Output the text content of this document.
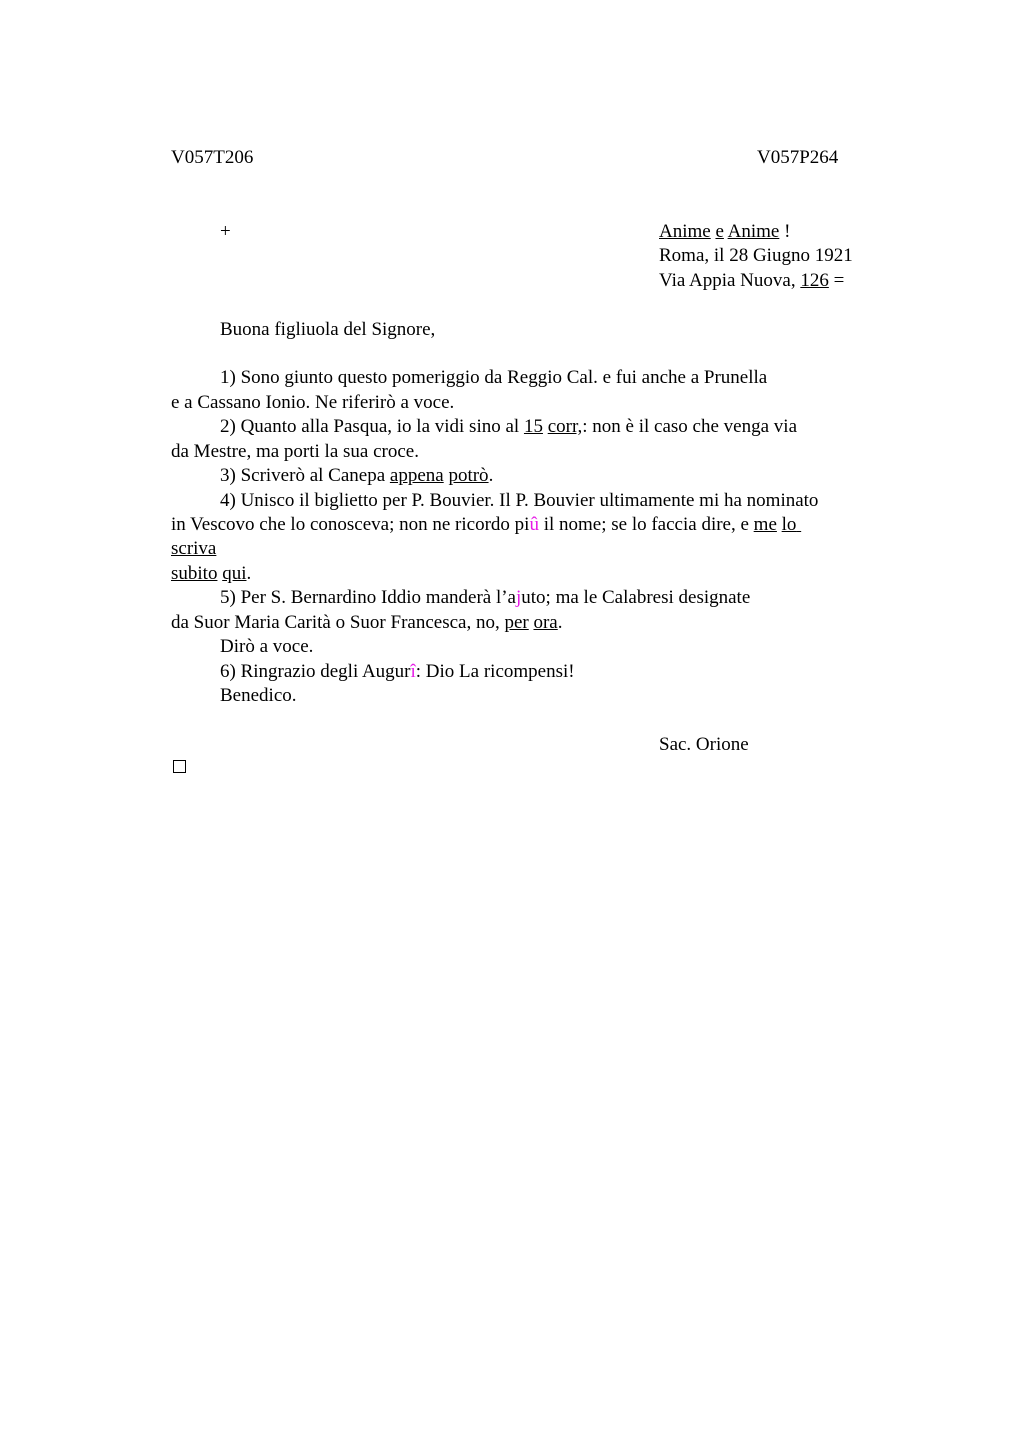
V057T206	V057P264
+	Anime e Anime !
Roma, il 28 Giugno 1921
Via Appia Nuova, 126 =
Buona figliuola del Signore,
1) Sono giunto questo pomeriggio da Reggio Cal. e fui anche a Prunella
e a Cassano Ionio. Ne riferirò a voce.
2) Quanto alla Pasqua, io la vidi sino al 15 corr,: non è il caso che venga via
da Mestre, ma porti la sua croce.
3) Scriverò al Canepa appena potrò.
4) Unisco il biglietto per P. Bouvier. Il P. Bouvier ultimamente mi ha nominato
in Vescovo che lo conosceva; non ne ricordo piû il nome; se lo faccia dire, e me lo
scriva
subito qui.
5) Per S. Bernardino Iddio manderà l’ajuto; ma le Calabresi designate
da Suor Maria Carità o Suor Francesca, no, per ora.
Dirò a voce.
6) Ringrazio degli Augurî: Dio La ricompensi!
Benedico.
Sac. Orione
